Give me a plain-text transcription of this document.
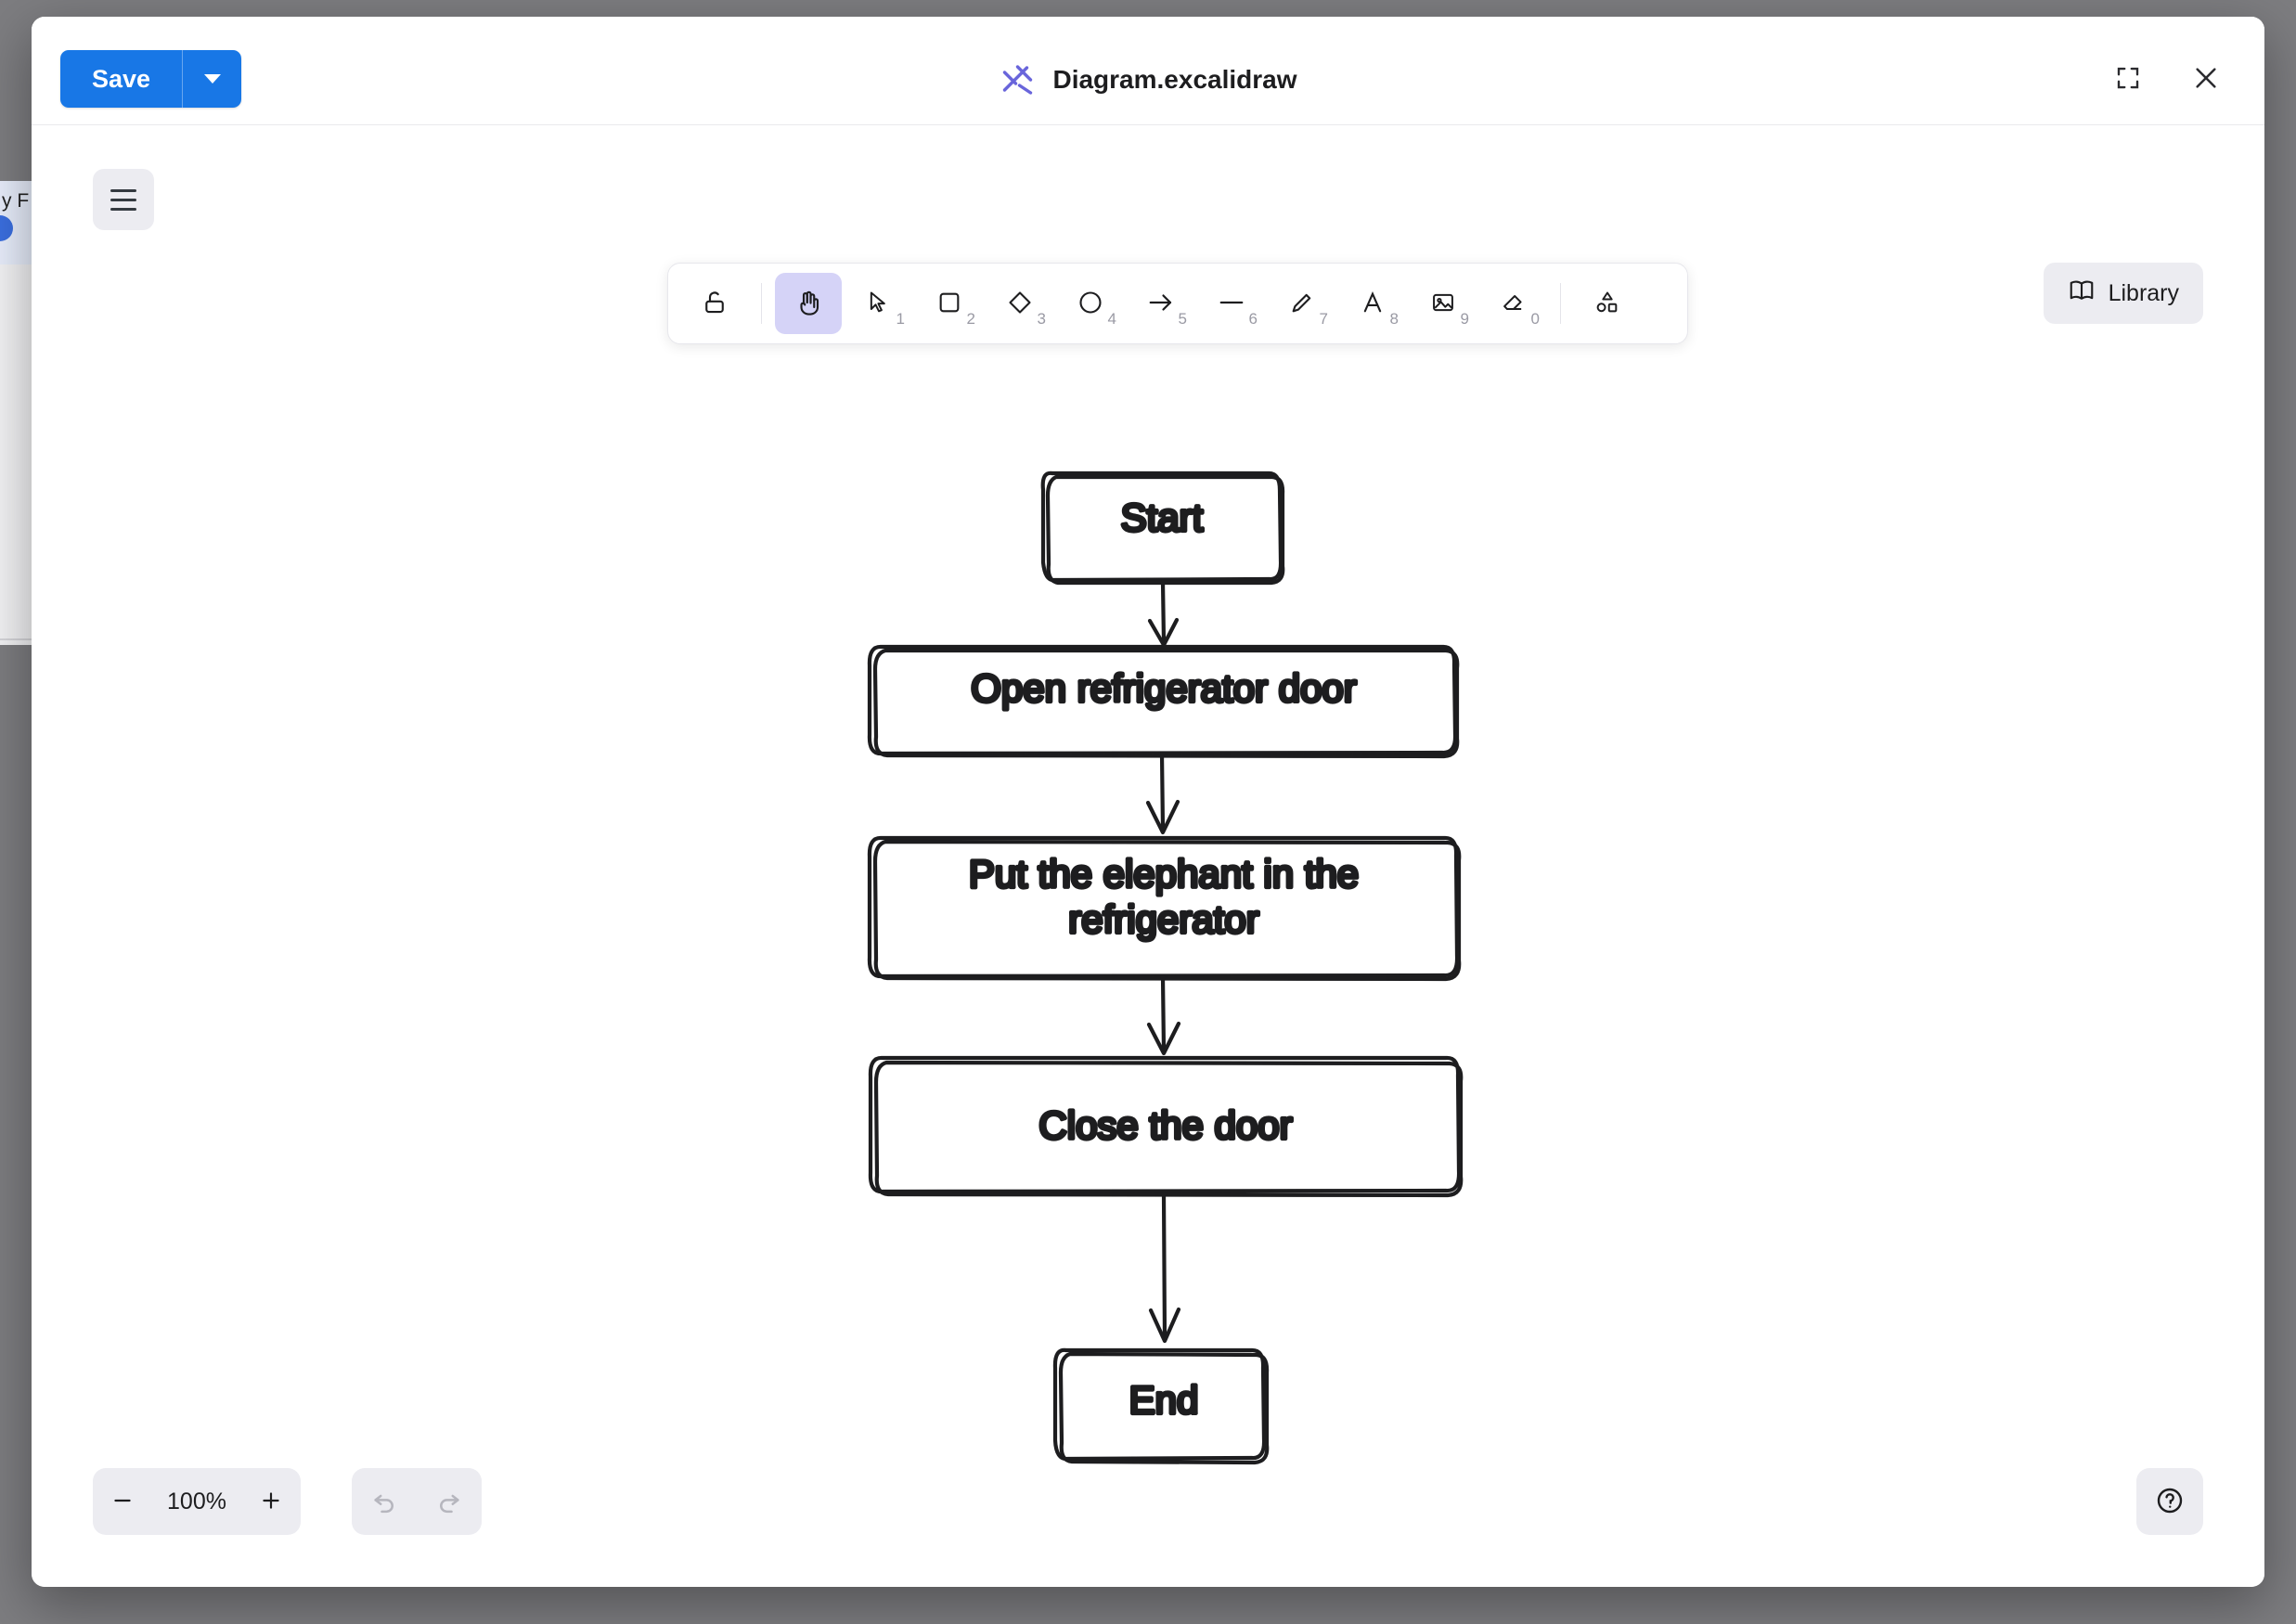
y F
Save	Diagram.excalidraw
1	2	3	4	5	6	7	8	9	0
Library
Start
Open refrigerator door
Put the elephant in the
refrigerator
Close the door
End
100%
